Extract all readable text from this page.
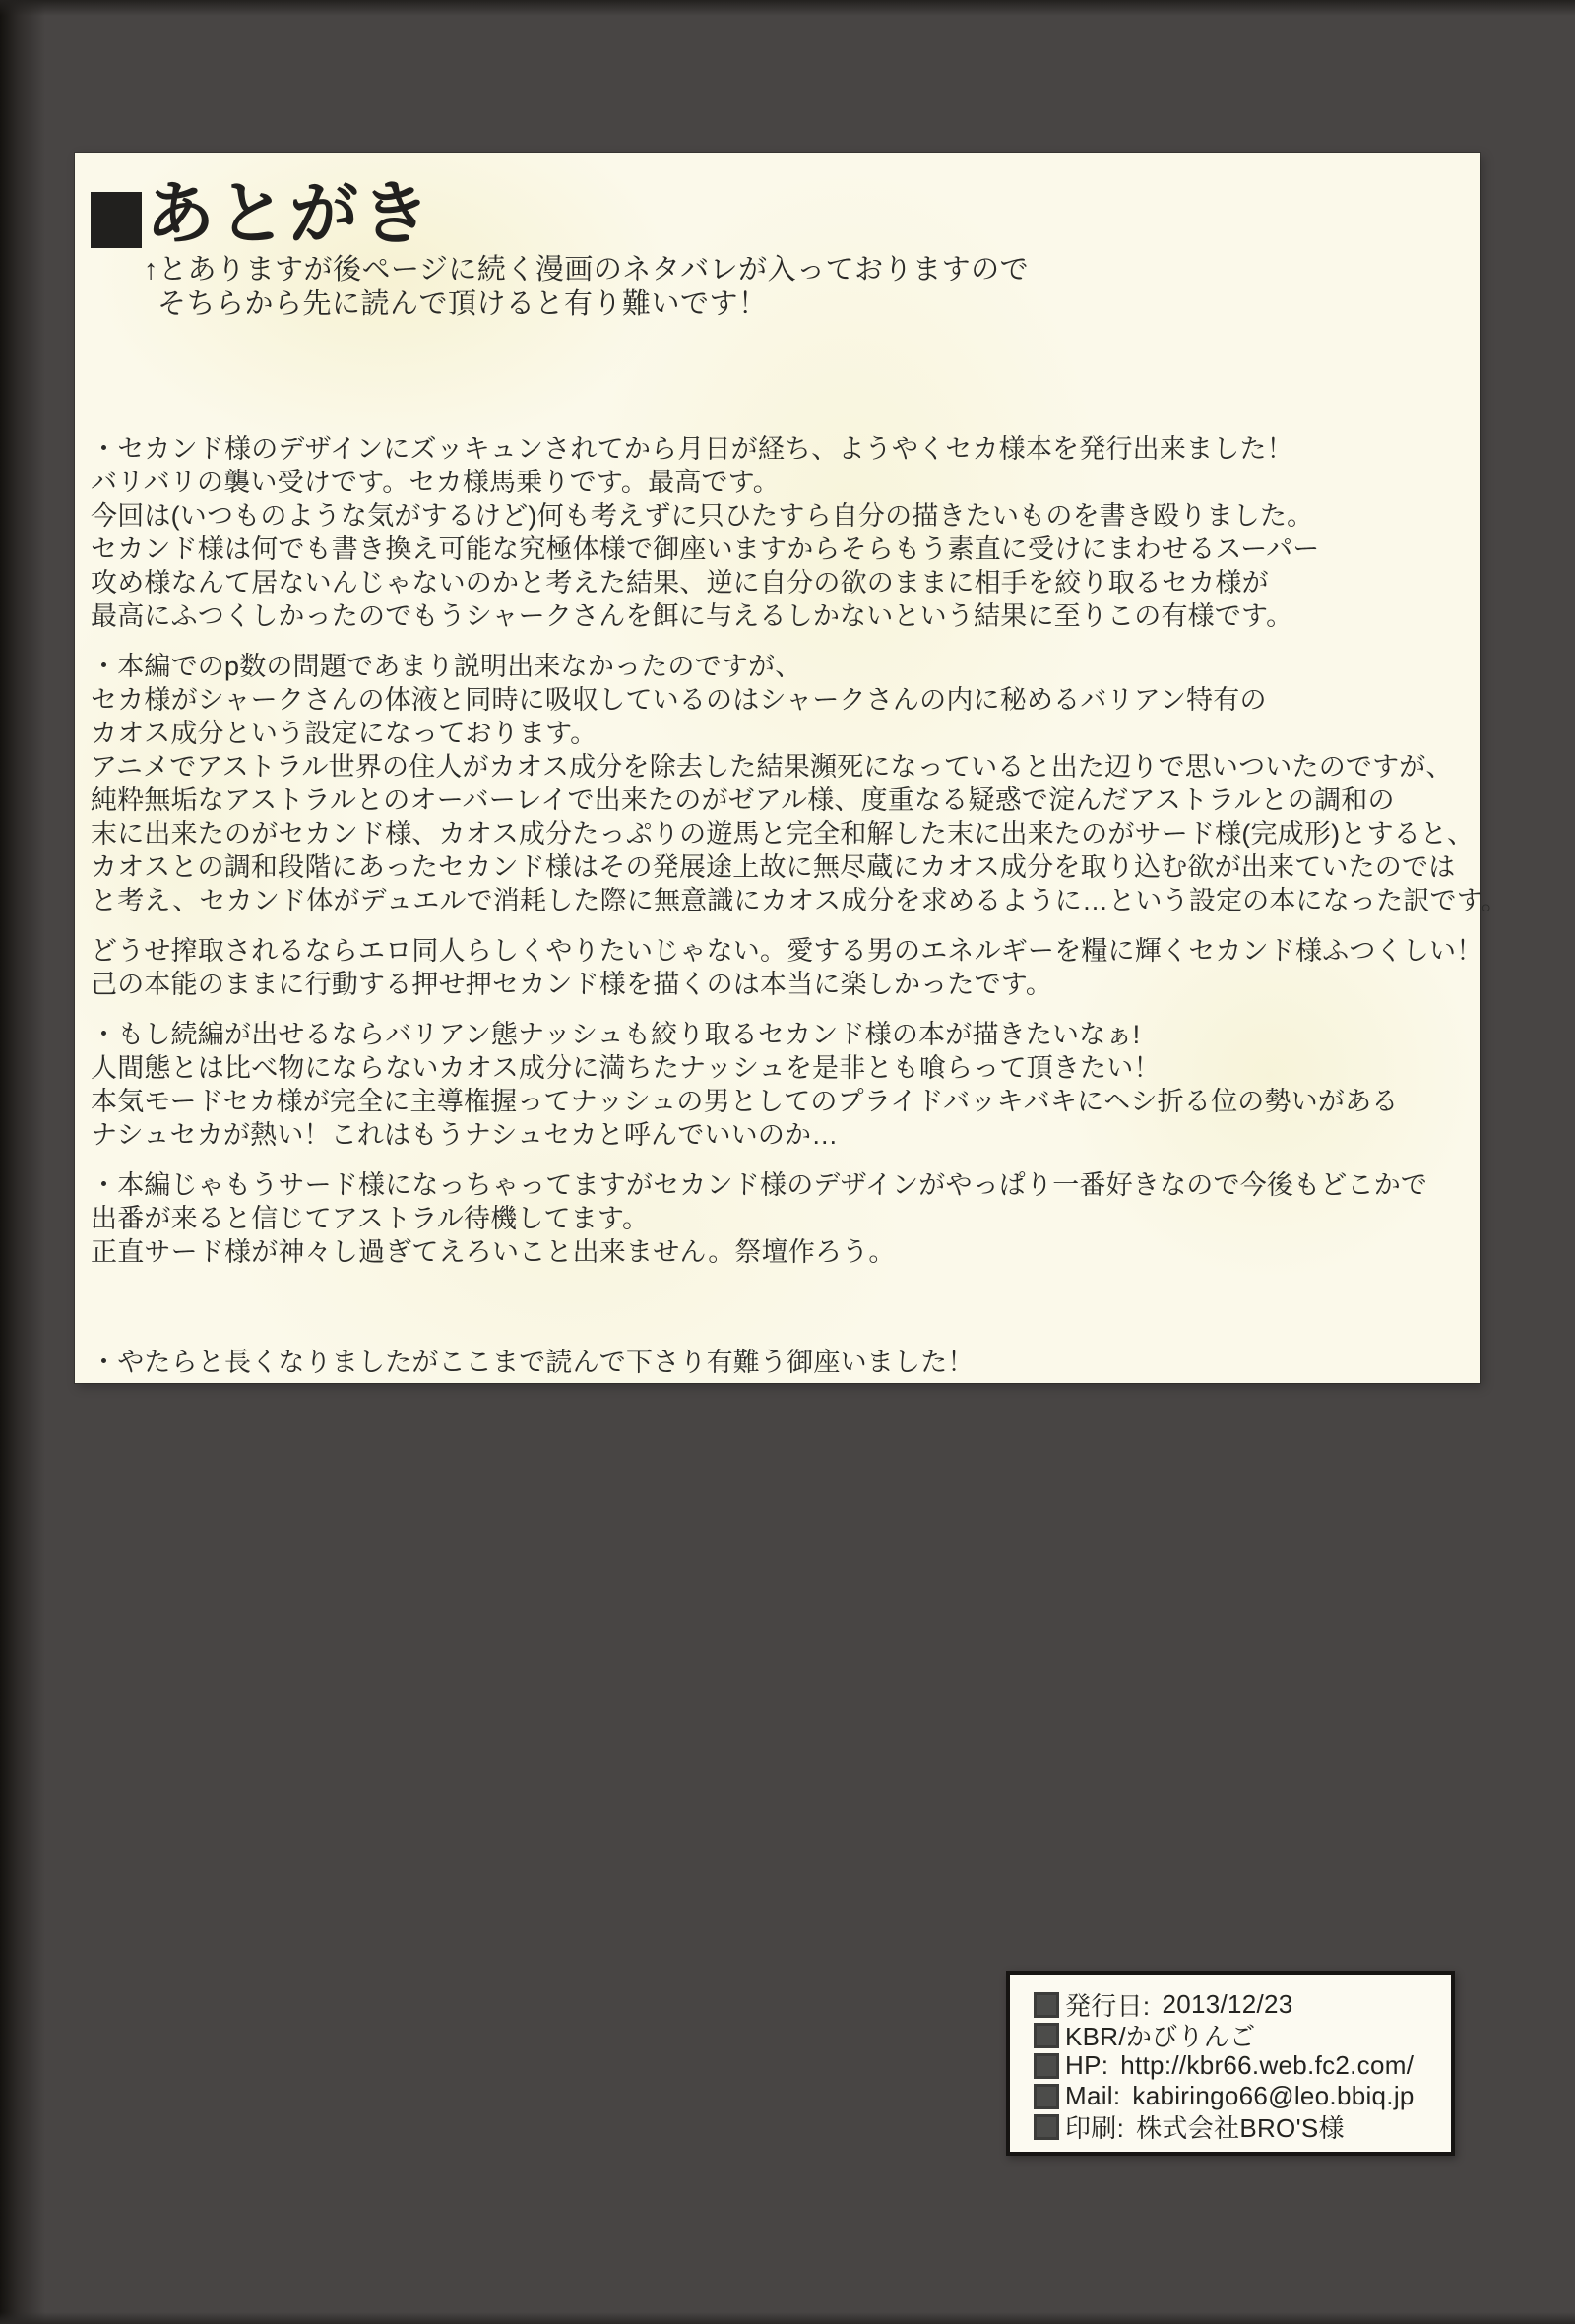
あとがき
↑とありますが後ページに続く漫画のネタバレが入っておりますので
そちらから先に読んで頂けると有り難いです！
・セカンド様のデザインにズッキュンされてから月日が経ち、ようやくセカ様本を発行出来ました！
バリバリの襲い受けです。セカ様馬乗りです。最高です。
今回は(いつものような気がするけど)何も考えずに只ひたすら自分の描きたいものを書き殴りました。
セカンド様は何でも書き換え可能な究極体様で御座いますからそらもう素直に受けにまわせるスーパー
攻め様なんて居ないんじゃないのかと考えた結果、逆に自分の欲のままに相手を絞り取るセカ様が
最高にふつくしかったのでもうシャークさんを餌に与えるしかないという結果に至りこの有様です。
・本編でのp数の問題であまり説明出来なかったのですが、
セカ様がシャークさんの体液と同時に吸収しているのはシャークさんの内に秘めるバリアン特有の
カオス成分という設定になっております。
アニメでアストラル世界の住人がカオス成分を除去した結果瀕死になっていると出た辺りで思いついたのですが、
純粋無垢なアストラルとのオーバーレイで出来たのがゼアル様、度重なる疑惑で淀んだアストラルとの調和の
末に出来たのがセカンド様、カオス成分たっぷりの遊馬と完全和解した末に出来たのがサード様(完成形)とすると、
カオスとの調和段階にあったセカンド様はその発展途上故に無尽蔵にカオス成分を取り込む欲が出来ていたのでは
と考え、セカンド体がデュエルで消耗した際に無意識にカオス成分を求めるように…という設定の本になった訳です。
どうせ搾取されるならエロ同人らしくやりたいじゃない。愛する男のエネルギーを糧に輝くセカンド様ふつくしい！
己の本能のままに行動する押せ押セカンド様を描くのは本当に楽しかったです。
・もし続編が出せるならバリアン態ナッシュも絞り取るセカンド様の本が描きたいなぁ!
人間態とは比べ物にならないカオス成分に満ちたナッシュを是非とも喰らって頂きたい！
本気モードセカ様が完全に主導権握ってナッシュの男としてのプライドバッキバキにヘシ折る位の勢いがある
ナシュセカが熱い！これはもうナシュセカと呼んでいいのか…
・本編じゃもうサード様になっちゃってますがセカンド様のデザインがやっぱり一番好きなので今後もどこかで
出番が来ると信じてアストラル待機してます。
正直サード様が神々し過ぎてえろいこと出来ません。祭壇作ろう。
・やたらと長くなりましたがここまで読んで下さり有難う御座いました！
発行日: 2013/12/23
KBR/かびりんご
HP: http://kbr66.web.fc2.com/
Mail: kabiringo66@leo.bbiq.jp
印刷: 株式会社BRO'S様
